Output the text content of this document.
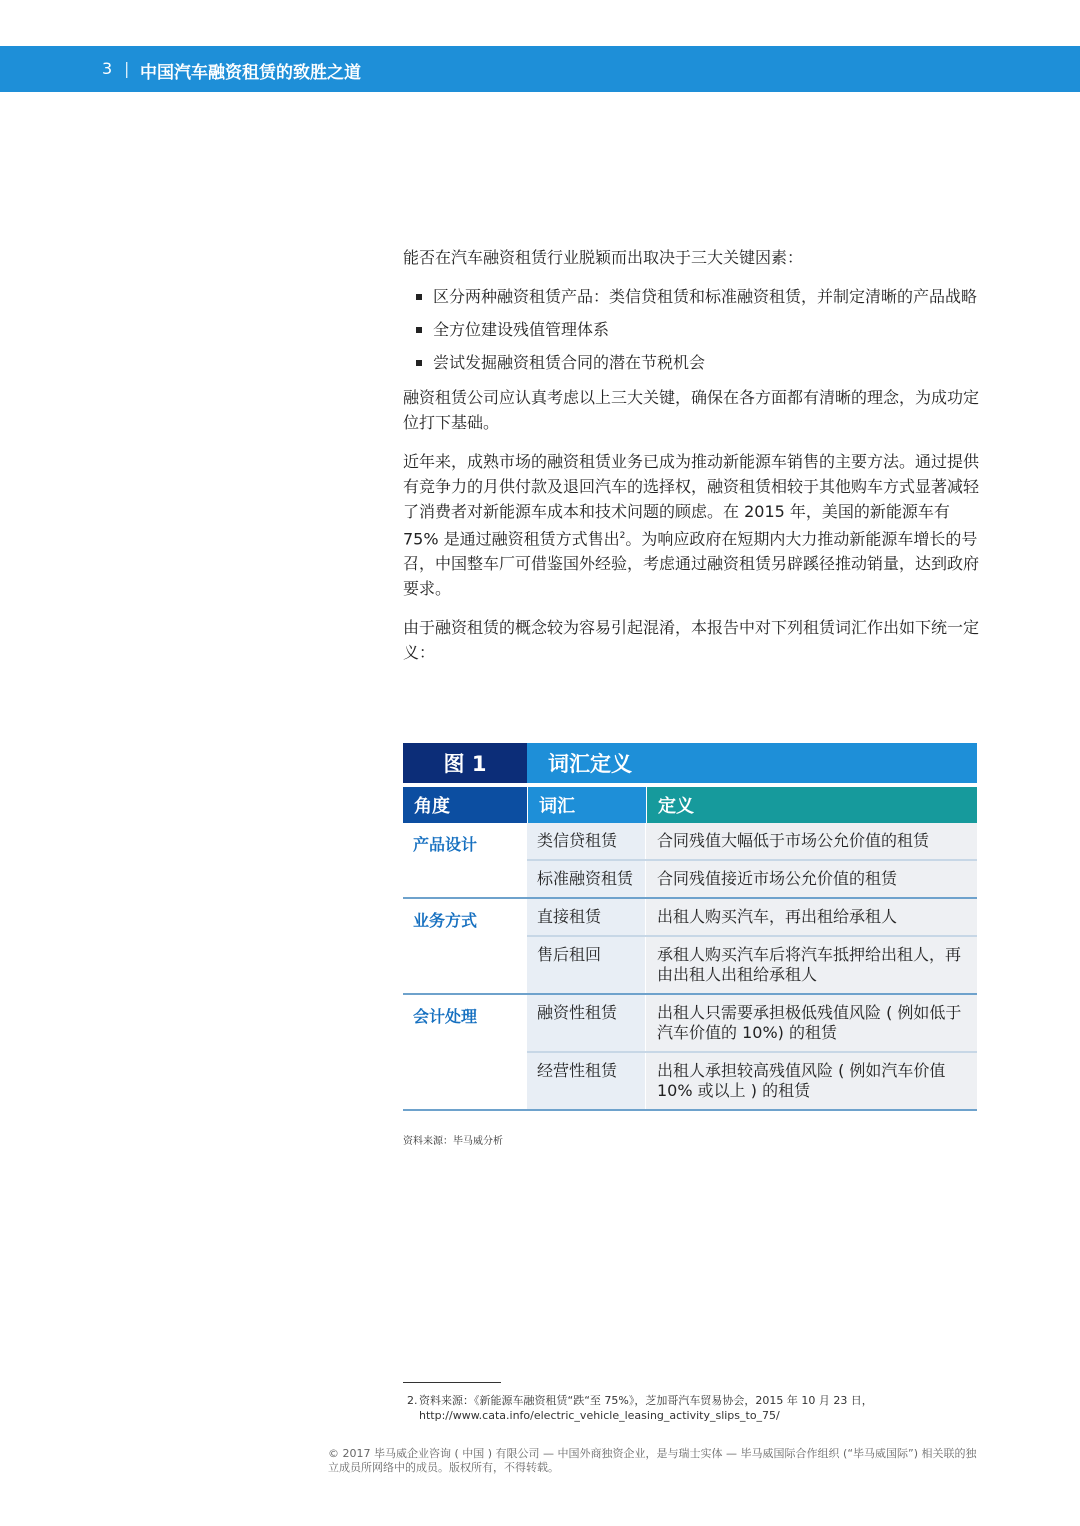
3 | 中国汽车融资租赁的致胜之道

能否在汽车融资租赁行业脱颖而出取决于三大关键因素：

区分两种融资租赁产品：类信贷租赁和标准融资租赁，并制定清晰的产品战略
全方位建设残值管理体系
尝试发掘融资租赁合同的潜在节税机会

融资租赁公司应认真考虑以上三大关键，确保在各方面都有清晰的理念，为成功定位打下基础。

近年来，成熟市场的融资租赁业务已成为推动新能源车销售的主要方法。通过提供有竞争力的月供付款及退回汽车的选择权，融资租赁相较于其他购车方式显著减轻了消费者对新能源车成本和技术问题的顾虑。在 2015 年，美国的新能源车有 75% 是通过融资租赁方式售出$^2$。为响应政府在短期内大力推动新能源车增长的号召，中国整车厂可借鉴国外经验，考虑通过融资租赁另辟蹊径推动销量，达到政府要求。

由于融资租赁的概念较为容易引起混淆，本报告中对下列租赁词汇作出如下统一定义：

图 1	词汇定义
角度	词汇	定义
产品设计	类信贷租赁	合同残值大幅低于市场公允价值的租赁
标准融资租赁	合同残值接近市场公允价值的租赁
业务方式	直接租赁	出租人购买汽车，再出租给承租人
售后租回	承租人购买汽车后将汽车抵押给出租人，再由出租人出租给承租人
会计处理	融资性租赁	出租人只需要承担极低残值风险 ( 例如低于汽车价值的 10%) 的租赁
经营性租赁	出租人承担较高残值风险 ( 例如汽车价值 10% 或以上 ) 的租赁
资料来源：毕马威分析
2. 资料来源：《新能源车融资租赁“跌“至 75%》，芝加哥汽车贸易协会，2015 年 10 月 23 日，http://www.cata.info/electric_vehicle_leasing_activity_slips_to_75/
© 2017 毕马威企业咨询 ( 中国 ) 有限公司 — 中国外商独资企业，是与瑞士实体 — 毕马威国际合作组织 (“毕马威国际”) 相关联的独立成员所网络中的成员。版权所有，不得转载。
